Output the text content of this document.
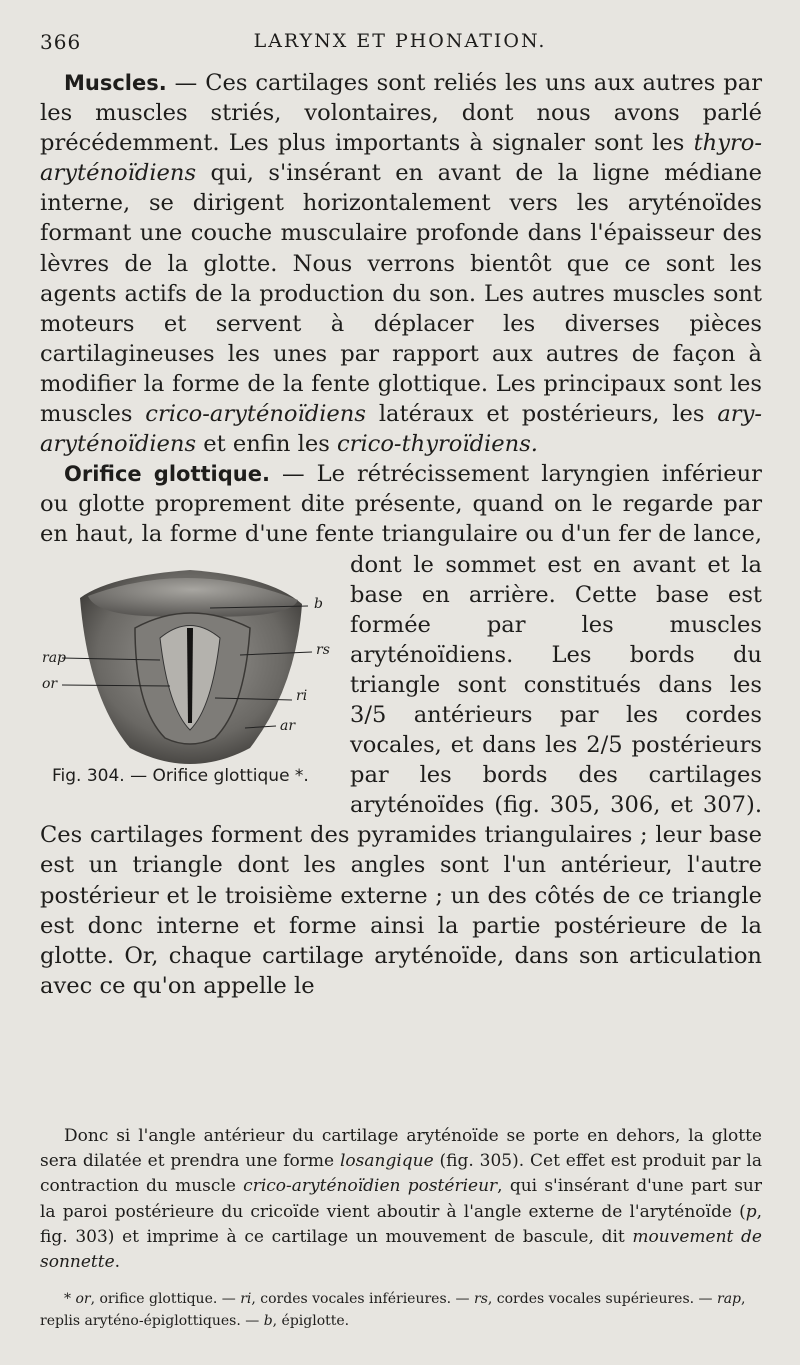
366	LARYNX ET PHONATION.

Muscles. — Ces cartilages sont reliés les uns aux autres par les muscles striés, volontaires, dont nous avons parlé précédemment. Les plus importants à signaler sont les thyro-aryténoïdiens qui, s'insérant en avant de la ligne médiane interne, se dirigent horizontalement vers les aryténoïdes formant une couche musculaire profonde dans l'épaisseur des lèvres de la glotte. Nous verrons bientôt que ce sont les agents actifs de la production du son. Les autres muscles sont moteurs et servent à déplacer les diverses pièces cartilagineuses les unes par rapport aux autres de façon à modifier la forme de la fente glottique. Les principaux sont les muscles crico-aryténoïdiens latéraux et postérieurs, les ary-aryténoïdiens et enfin les crico-thyroïdiens.

Orifice glottique. — Le rétrécissement laryngien inférieur ou glotte proprement dite présente, quand on le regarde par en haut, la forme d'une fente triangulaire ou d'un fer de lance, dont le sommet est en avant et la base en arrière. Cette base est formée par les muscles aryténoïdiens. Les bords du triangle sont constitués dans les 3/5 antérieurs par les cordes vocales, et dans les 2/5 postérieurs par les bords des cartilages aryténoïdes (fig. 305, 306, et 307). Ces cartilages forment des pyramides triangulaires ; leur base est un triangle dont les angles sont l'un antérieur, l'autre postérieur et le troisième externe ; un des côtés de ce triangle est donc interne et forme ainsi la partie postérieure de la glotte. Or, chaque cartilage aryténoïde, dans son articulation avec ce qu'on appelle le

b
rs
rap
or
ri
ar
Fig. 304. — Orifice glottique *.

Donc si l'angle antérieur du cartilage aryténoïde se porte en dehors, la glotte sera dilatée et prendra une forme losangique (fig. 305). Cet effet est produit par la contraction du muscle crico-aryténoïdien postérieur, qui s'insérant d'une part sur la paroi postérieure du cricoïde vient aboutir à l'angle externe de l'aryténoïde (p, fig. 303) et imprime à ce cartilage un mouvement de bascule, dit mouvement de sonnette.

* or, orifice glottique. — ri, cordes vocales inférieures. — rs, cordes vocales supérieures. — rap, replis aryténo-épiglottiques. — b, épiglotte.
